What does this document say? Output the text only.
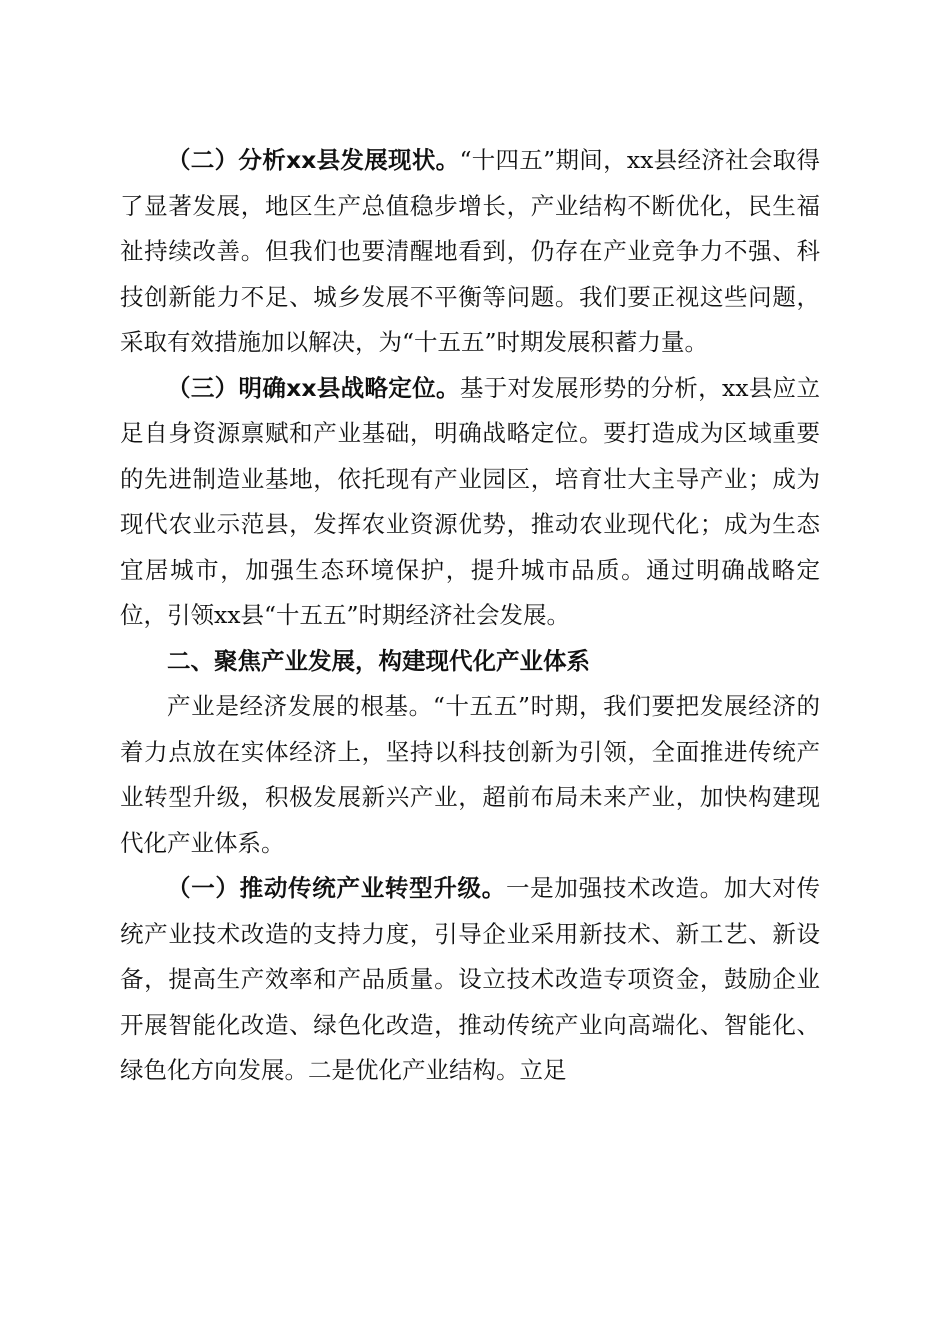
（二）分析xx县发展现状。“十四五”期间，xx县经济社会取得了显著发展，地区生产总值稳步增长，产业结构不断优化，民生福祉持续改善。但我们也要清醒地看到，仍存在产业竞争力不强、科技创新能力不足、城乡发展不平衡等问题。我们要正视这些问题，采取有效措施加以解决，为“十五五”时期发展积蓄力量。

（三）明确xx县战略定位。基于对发展形势的分析，xx县应立足自身资源禀赋和产业基础，明确战略定位。要打造成为区域重要的先进制造业基地，依托现有产业园区，培育壮大主导产业；成为现代农业示范县，发挥农业资源优势，推动农业现代化；成为生态宜居城市，加强生态环境保护，提升城市品质。通过明确战略定位，引领xx县“十五五”时期经济社会发展。

二、聚焦产业发展，构建现代化产业体系

产业是经济发展的根基。“十五五”时期，我们要把发展经济的着力点放在实体经济上，坚持以科技创新为引领，全面推进传统产业转型升级，积极发展新兴产业，超前布局未来产业，加快构建现代化产业体系。

（一）推动传统产业转型升级。一是加强技术改造。加大对传统产业技术改造的支持力度，引导企业采用新技术、新工艺、新设备，提高生产效率和产品质量。设立技术改造专项资金，鼓励企业开展智能化改造、绿色化改造，推动传统产业向高端化、智能化、绿色化方向发展。二是优化产业结构。立足
